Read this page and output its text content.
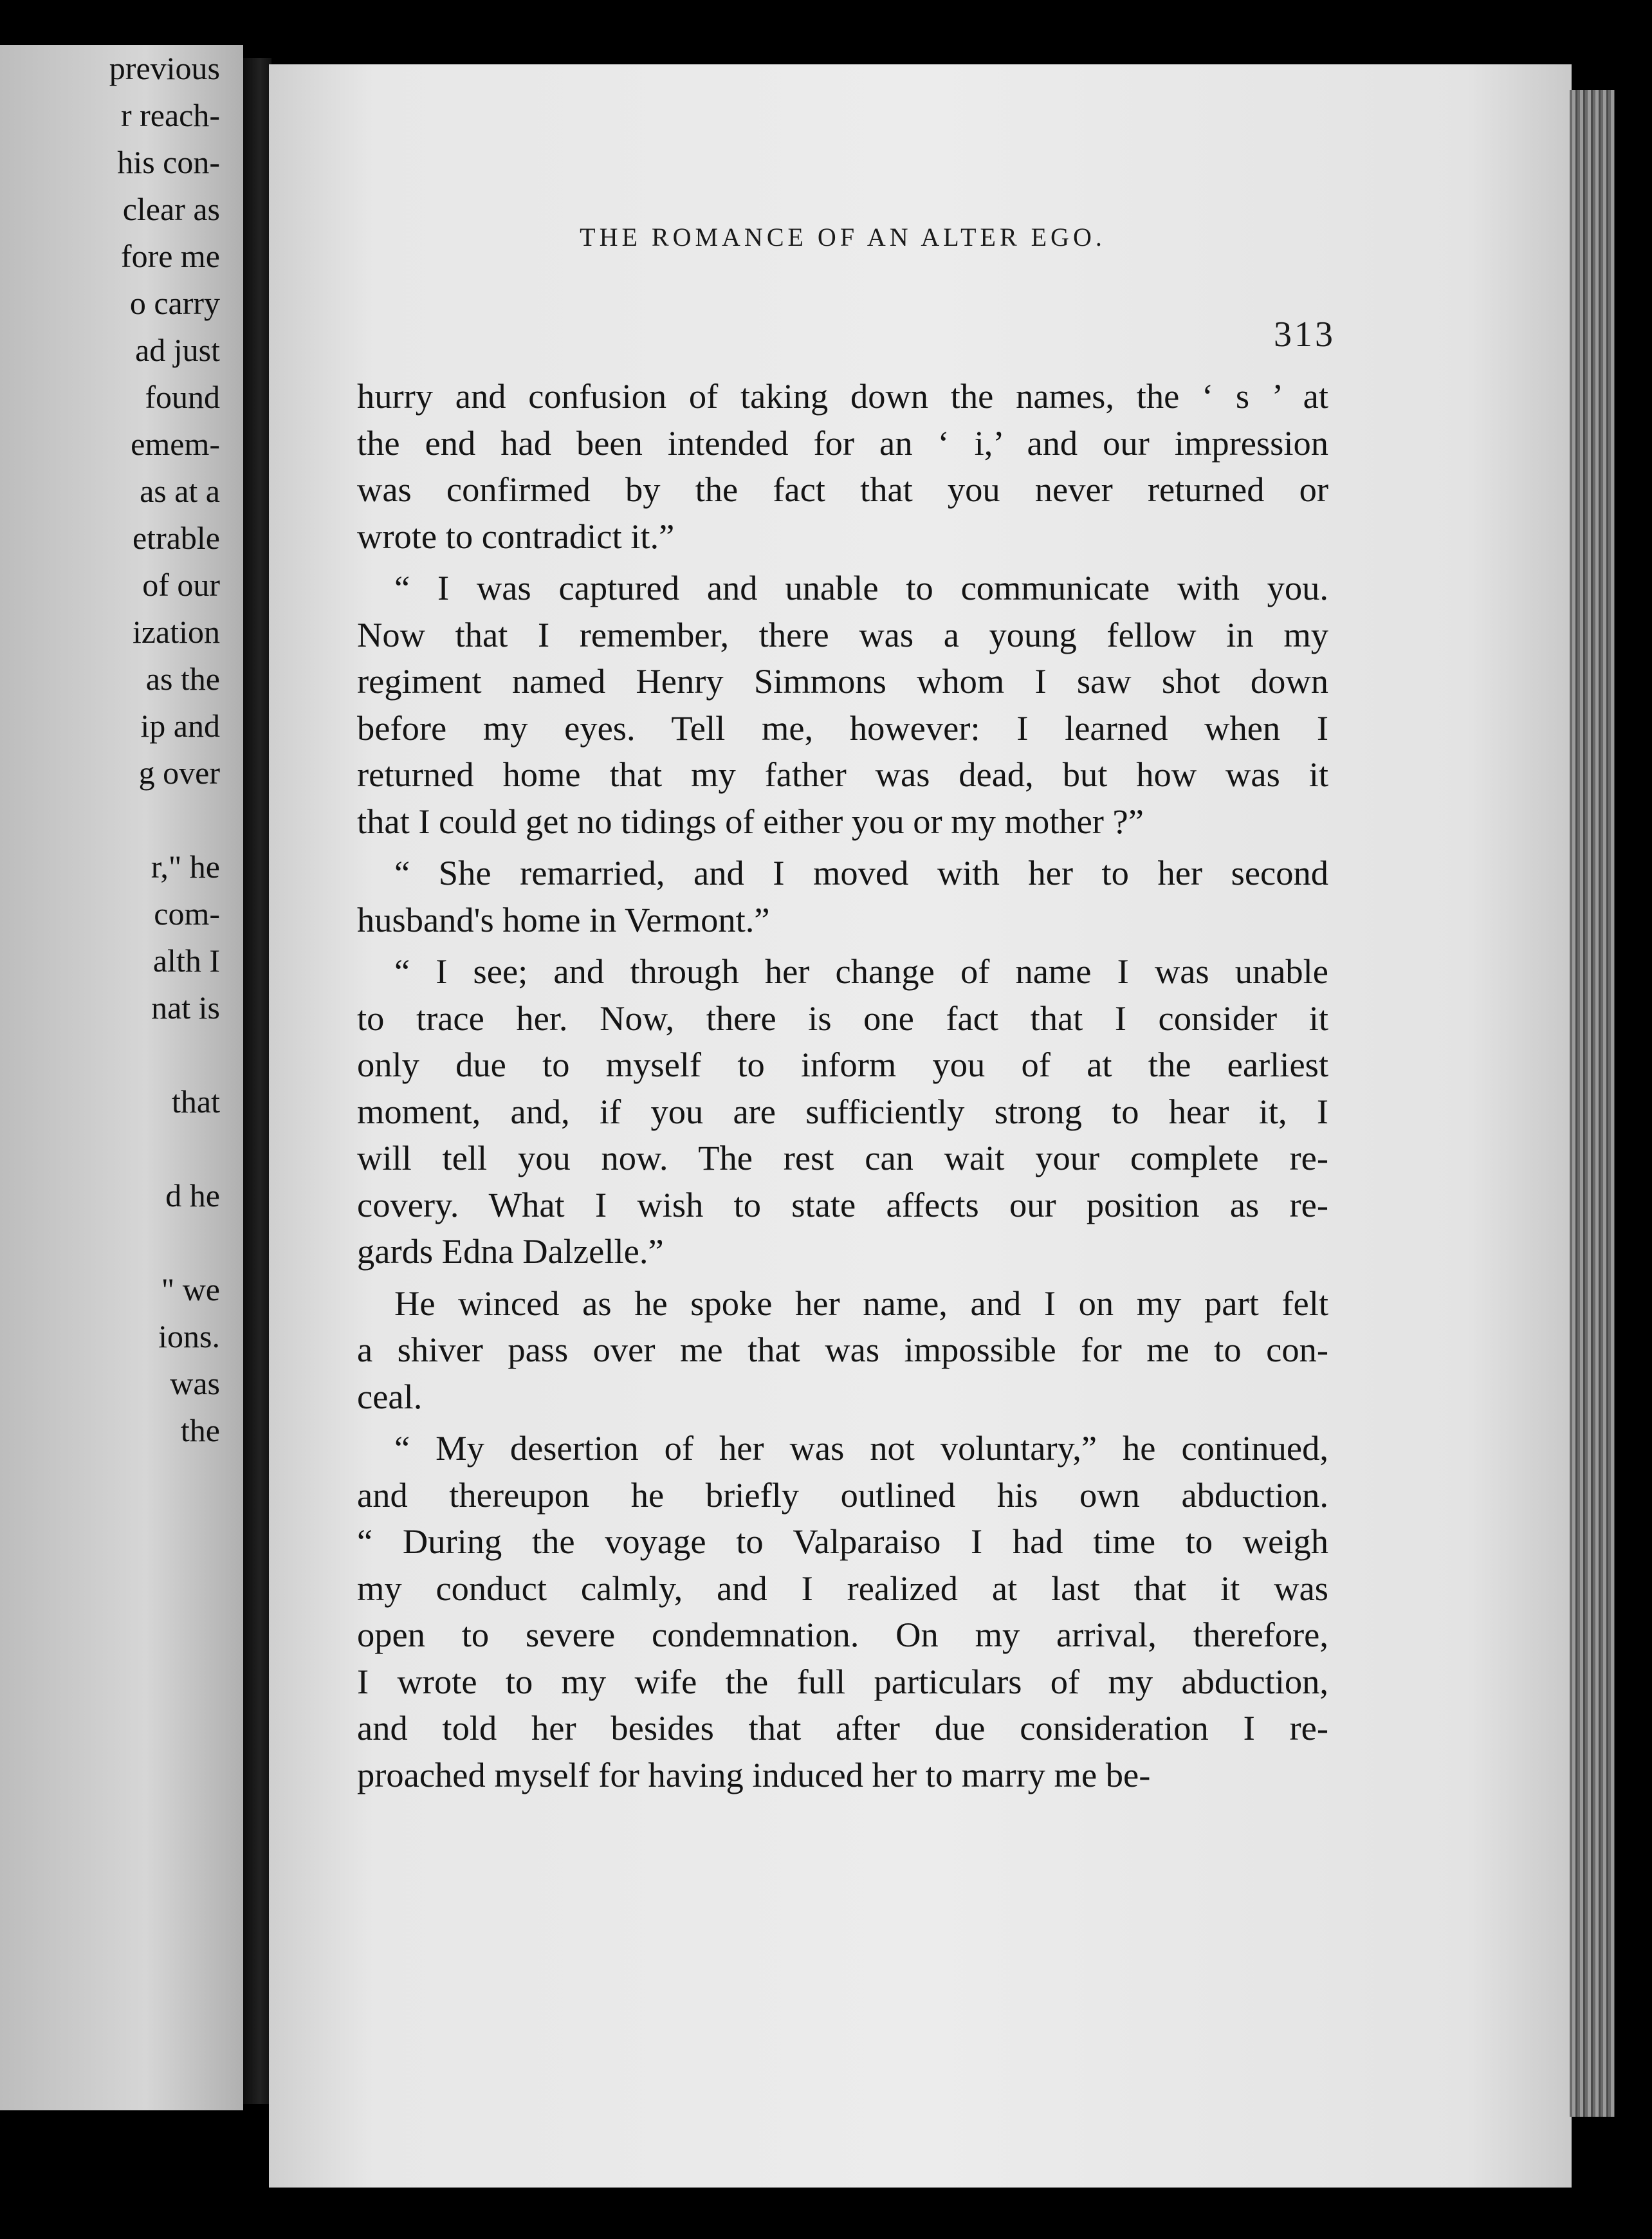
previous
r reach-
his con-
clear as
fore me
o carry
ad just
found
emem-
as at a
etrable
of our
ization
as the
ip and
g over
r," he
com-
alth I
nat is
that
d he
" we
ions.
was
the
THE ROMANCE OF AN ALTER EGO.
313

hurry and confusion of taking down the names, the ‘ s ’ at
the end had been intended for an ‘ i,’ and our impression
was confirmed by the fact that you never returned or
wrote to contradict it.”

“ I was captured and unable to communicate with you.
Now that I remember, there was a young fellow in my
regiment named Henry Simmons whom I saw shot down
before my eyes. Tell me, however: I learned when I
returned home that my father was dead, but how was it
that I could get no tidings of either you or my mother ?”

“ She remarried, and I moved with her to her second
husband's home in Vermont.”

“ I see; and through her change of name I was unable
to trace her. Now, there is one fact that I consider it
only due to myself to inform you of at the earliest
moment, and, if you are sufficiently strong to hear it, I
will tell you now. The rest can wait your complete re-
covery. What I wish to state affects our position as re-
gards Edna Dalzelle.”

He winced as he spoke her name, and I on my part felt
a shiver pass over me that was impossible for me to con-
ceal.

“ My desertion of her was not voluntary,” he continued,
and thereupon he briefly outlined his own abduction.
“ During the voyage to Valparaiso I had time to weigh
my conduct calmly, and I realized at last that it was
open to severe condemnation. On my arrival, therefore,
I wrote to my wife the full particulars of my abduction,
and told her besides that after due consideration I re-
proached myself for having induced her to marry me be-
